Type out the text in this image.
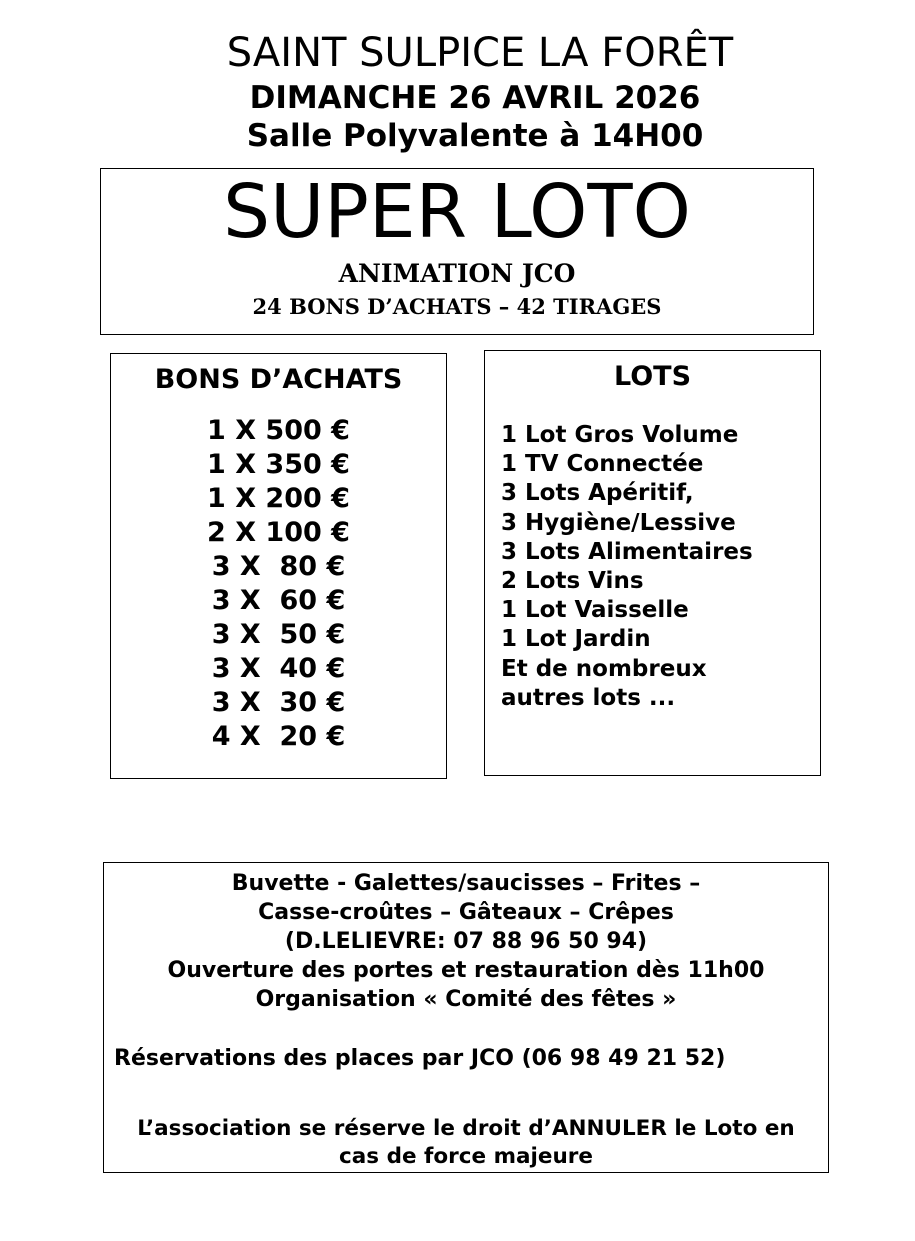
SAINT SULPICE LA FORÊT
DIMANCHE 26 AVRIL 2026
Salle Polyvalente à 14H00
SUPER LOTO
ANIMATION JCO
24 BONS D’ACHATS – 42 TIRAGES
BONS D’ACHATS
1 X 500 €
1 X 350 €
1 X 200 €
2 X 100 €
3 X  80 €
3 X  60 €
3 X  50 €
3 X  40 €
3 X  30 €
4 X  20 €
LOTS
1 Lot Gros Volume
1 TV Connectée
3 Lots Apéritif,
3 Hygiène/Lessive
3 Lots Alimentaires
2 Lots Vins
1 Lot Vaisselle
1 Lot Jardin
Et de nombreux
autres lots ...
Buvette - Galettes/saucisses – Frites –
Casse-croûtes – Gâteaux – Crêpes
(D.LELIEVRE: 07 88 96 50 94)
Ouverture des portes et restauration dès 11h00
Organisation « Comité des fêtes »
Réservations des places par JCO (06 98 49 21 52)
L’association se réserve le droit d’ANNULER le Loto en
cas de force majeure
